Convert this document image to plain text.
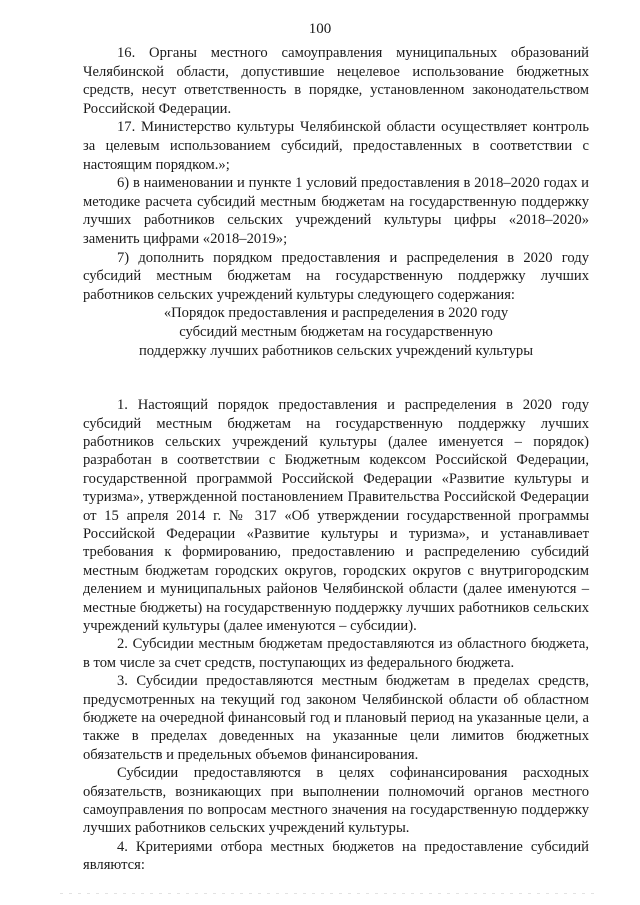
100

16. Органы местного самоуправления муниципальных образований Челябинской области, допустившие нецелевое использование бюджетных средств, несут ответственность в порядке, установленном законодательством Российской Федерации.

17. Министерство культуры Челябинской области осуществляет контроль за целевым использованием субсидий, предоставленных в соответствии с настоящим порядком.»;

6) в наименовании и пункте 1 условий предоставления в 2018–2020 годах и методике расчета субсидий местным бюджетам на государственную поддержку лучших работников сельских учреждений культуры цифры «2018–2020» заменить цифрами «2018–2019»;

7) дополнить порядком предоставления и распределения в 2020 году субсидий местным бюджетам на государственную поддержку лучших работников сельских учреждений культуры следующего содержания:

«Порядок предоставления и распределения в 2020 году

субсидий местным бюджетам на государственную

поддержку лучших работников сельских учреждений культуры

1. Настоящий порядок предоставления и распределения в 2020 году субсидий местным бюджетам на государственную поддержку лучших работников сельских учреждений культуры (далее именуется – порядок) разработан в соответствии с Бюджетным кодексом Российской Федерации, государственной программой Российской Федерации «Развитие культуры и туризма», утвержденной постановлением Правительства Российской Федерации от 15 апреля 2014 г. № 317 «Об утверждении государственной программы Российской Федерации «Развитие культуры и туризма», и устанавливает требования к формированию, предоставлению и распределению субсидий местным бюджетам городских округов, городских округов с внутригородским делением и муниципальных районов Челябинской области (далее именуются – местные бюджеты) на государственную поддержку лучших работников сельских учреждений культуры (далее именуются – субсидии).

2. Субсидии местным бюджетам предоставляются из областного бюджета, в том числе за счет средств, поступающих из федерального бюджета.

3. Субсидии предоставляются местным бюджетам в пределах средств, предусмотренных на текущий год законом Челябинской области об областном бюджете на очередной финансовый год и плановый период на указанные цели, а также в пределах доведенных на указанные цели лимитов бюджетных обязательств и предельных объемов финансирования.

Субсидии предоставляются в целях софинансирования расходных обязательств, возникающих при выполнении полномочий органов местного самоуправления по вопросам местного значения на государственную поддержку лучших работников сельских учреждений культуры.

4. Критериями отбора местных бюджетов на предоставление субсидий являются:
